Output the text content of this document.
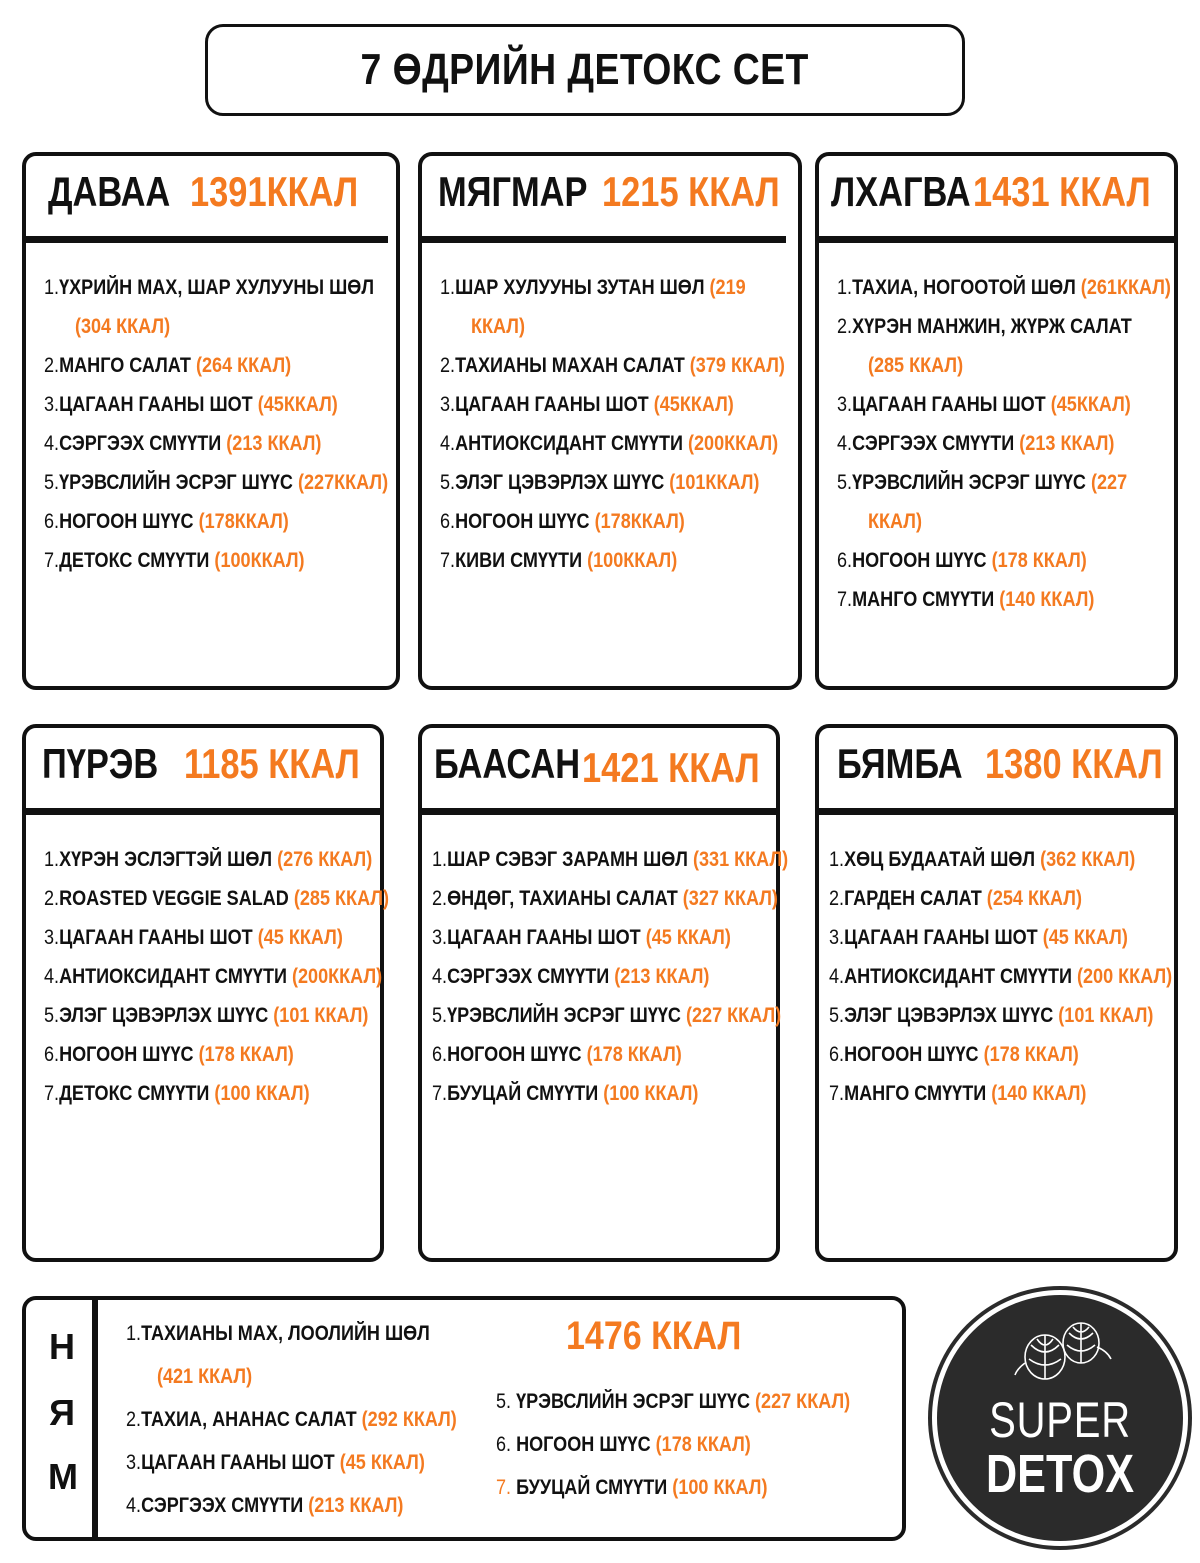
7 ӨДРИЙН ДЕТОКС СЕТ
ДАВАА 1391ККАЛ
1.ҮХРИЙН МАХ, ШАР ХУЛУУНЫ ШӨЛ
(304 ККАЛ)
2.МАНГО САЛАТ (264 ККАЛ)
3.ЦАГААН ГААНЫ ШОТ (45ККАЛ)
4.СЭРГЭЭХ СМҮҮТИ (213 ККАЛ)
5.ҮРЭВСЛИЙН ЭСРЭГ ШҮҮС (227ККАЛ)
6.НОГООН ШҮҮС (178ККАЛ)
7.ДЕТОКС СМҮҮТИ (100ККАЛ)
МЯГМАР 1215 ККАЛ
1.ШАР ХУЛУУНЫ ЗУТАН ШӨЛ (219
ККАЛ)
2.ТАХИАНЫ МАХАН САЛАТ (379 ККАЛ)
3.ЦАГААН ГААНЫ ШОТ (45ККАЛ)
4.АНТИОКСИДАНТ СМҮҮТИ (200ККАЛ)
5.ЭЛЭГ ЦЭВЭРЛЭХ ШҮҮС (101ККАЛ)
6.НОГООН ШҮҮС (178ККАЛ)
7.КИВИ СМҮҮТИ (100ККАЛ)
ЛХАГВА 1431 ККАЛ
1.ТАХИА, НОГООТОЙ ШӨЛ (261ККАЛ)
2.ХҮРЭН МАНЖИН, ЖҮРЖ САЛАТ
(285 ККАЛ)
3.ЦАГААН ГААНЫ ШОТ (45ККАЛ)
4.СЭРГЭЭХ СМҮҮТИ (213 ККАЛ)
5.ҮРЭВСЛИЙН ЭСРЭГ ШҮҮС (227
ККАЛ)
6.НОГООН ШҮҮС (178 ККАЛ)
7.МАНГО СМҮҮТИ (140 ККАЛ)
ПҮРЭВ 1185 ККАЛ
1.ХҮРЭН ЭСЛЭГТЭЙ ШӨЛ (276 ККАЛ)
2.ROASTED VEGGIE SALAD (285 ККАЛ)
3.ЦАГААН ГААНЫ ШОТ (45 ККАЛ)
4.АНТИОКСИДАНТ СМҮҮТИ (200ККАЛ)
5.ЭЛЭГ ЦЭВЭРЛЭХ ШҮҮС (101 ККАЛ)
6.НОГООН ШҮҮС (178 ККАЛ)
7.ДЕТОКС СМҮҮТИ (100 ККАЛ)
БААСАН 1421 ККАЛ
1.ШАР СЭВЭГ ЗАРАМН ШӨЛ (331 ККАЛ)
2.ӨНДӨГ, ТАХИАНЫ САЛАТ (327 ККАЛ)
3.ЦАГААН ГААНЫ ШОТ (45 ККАЛ)
4.СЭРГЭЭХ СМҮҮТИ (213 ККАЛ)
5.ҮРЭВСЛИЙН ЭСРЭГ ШҮҮС (227 ККАЛ)
6.НОГООН ШҮҮС (178 ККАЛ)
7.БУУЦАЙ СМҮҮТИ (100 ККАЛ)
БЯМБА 1380 ККАЛ
1.ХӨЦ БУДААТАЙ ШӨЛ (362 ККАЛ)
2.ГАРДЕН САЛАТ (254 ККАЛ)
3.ЦАГААН ГААНЫ ШОТ (45 ККАЛ)
4.АНТИОКСИДАНТ СМҮҮТИ (200 ККАЛ)
5.ЭЛЭГ ЦЭВЭРЛЭХ ШҮҮС (101 ККАЛ)
6.НОГООН ШҮҮС (178 ККАЛ)
7.МАНГО СМҮҮТИ (140 ККАЛ)
Н
Я
М
1476 ККАЛ
1.ТАХИАНЫ МАХ, ЛООЛИЙН ШӨЛ
(421 ККАЛ)
2.ТАХИА, АНАНАС САЛАТ (292 ККАЛ)
3.ЦАГААН ГААНЫ ШОТ (45 ККАЛ)
4.СЭРГЭЭХ СМҮҮТИ (213 ККАЛ)
5. ҮРЭВСЛИЙН ЭСРЭГ ШҮҮС (227 ККАЛ)
6. НОГООН ШҮҮС (178 ККАЛ)
7. БУУЦАЙ СМҮҮТИ (100 ККАЛ)
SUPER
DETOX
